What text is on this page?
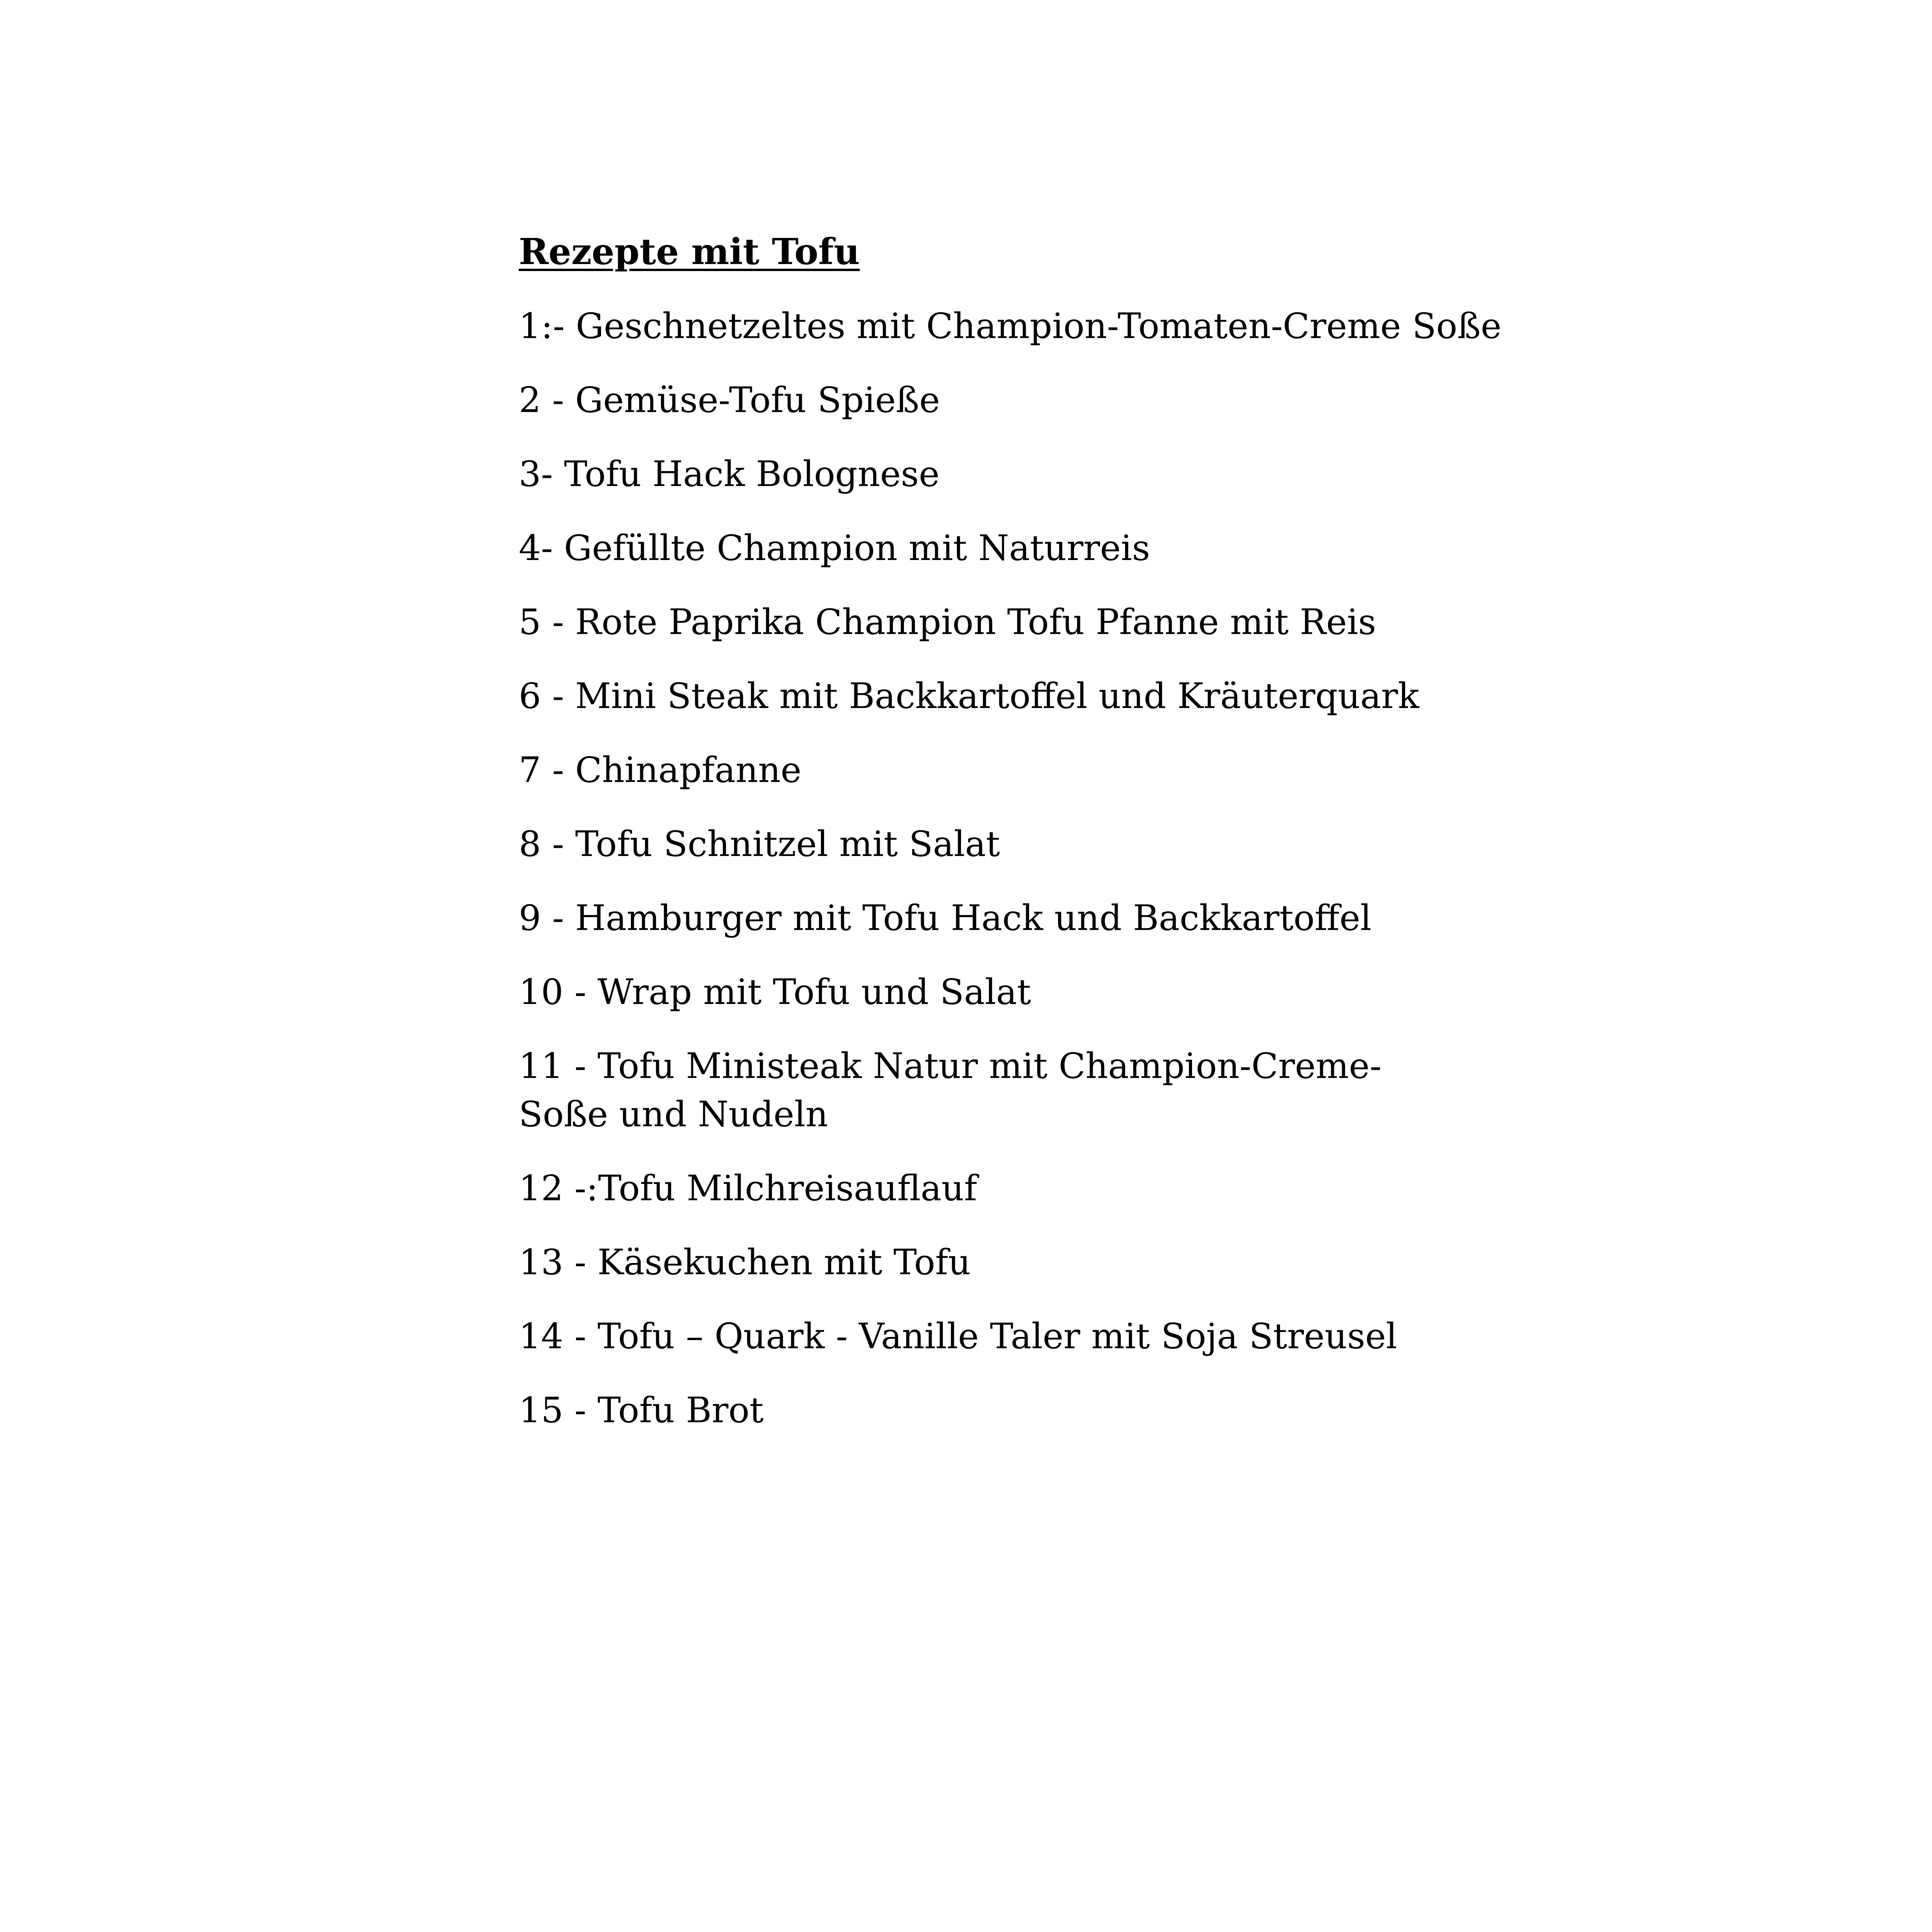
Rezepte mit Tofu
1:- Geschnetzeltes mit Champion-Tomaten-Creme Soße
2 - Gemüse-Tofu Spieße
3- Tofu Hack Bolognese
4- Gefüllte Champion mit Naturreis
5 - Rote Paprika Champion Tofu Pfanne mit Reis
6 - Mini Steak mit Backkartoffel und Kräuterquark
7 - Chinapfanne
8 - Tofu Schnitzel mit Salat
9 - Hamburger mit Tofu Hack und Backkartoffel
10 - Wrap mit Tofu und Salat
11 - Tofu Ministeak Natur mit Champion-Creme-Soße und Nudeln
12 -:Tofu Milchreisauflauf
13 - Käsekuchen mit Tofu
14 - Tofu – Quark - Vanille Taler mit Soja Streusel
15 - Tofu Brot
